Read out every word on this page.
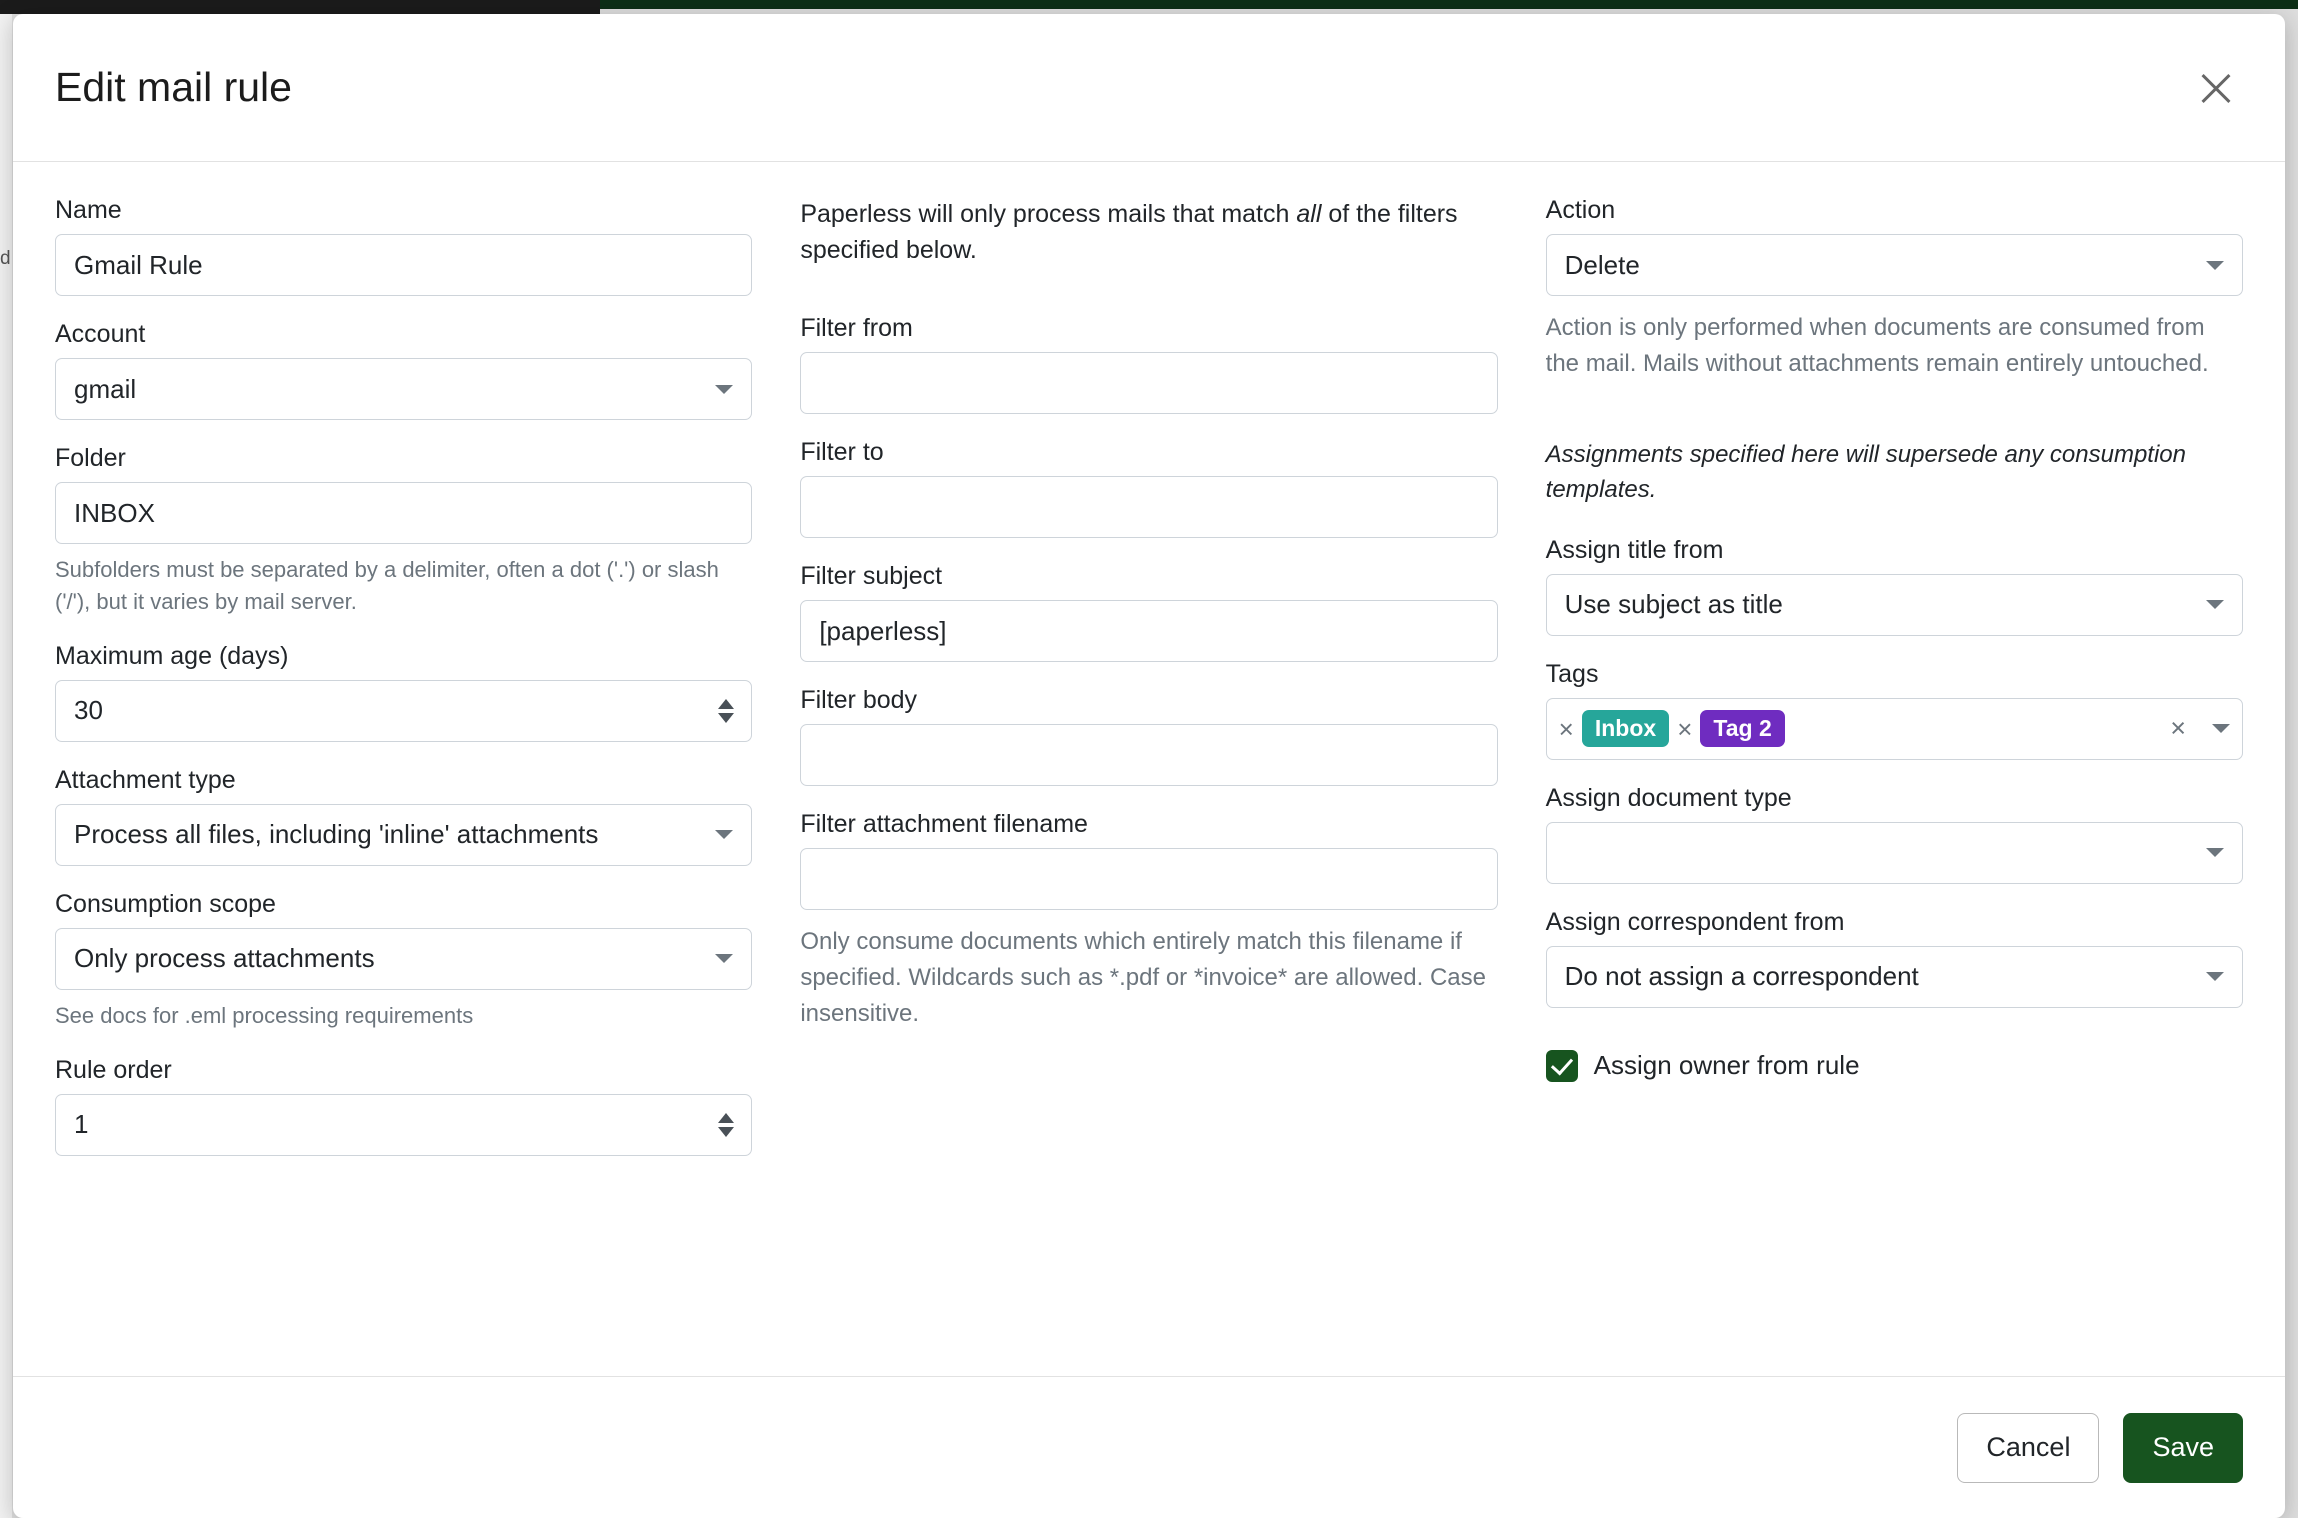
d
Edit mail rule
Name
Gmail Rule
Account
gmail
Folder
INBOX
Subfolders must be separated by a delimiter, often a dot ('.') or slash ('/'), but it varies by mail server.
Maximum age (days)
30
Attachment type
Process all files, including 'inline' attachments
Consumption scope
Only process attachments
See docs for .eml processing requirements
Rule order
1

Paperless will only process mails that match all of the filters specified below.

Filter from
Filter to
Filter subject
[paperless]
Filter body
Filter attachment filename
Only consume documents which entirely match this filename if specified. Wildcards such as *.pdf or *invoice* are allowed. Case insensitive.
Action
Delete
Action is only performed when documents are consumed from the mail. Mails without attachments remain entirely untouched.

Assignments specified here will supersede any consumption templates.

Assign title from
Use subject as title
Tags
× Inbox × Tag 2	×
Assign document type
Assign correspondent from
Do not assign a correspondent
Assign owner from rule
Cancel	Save
